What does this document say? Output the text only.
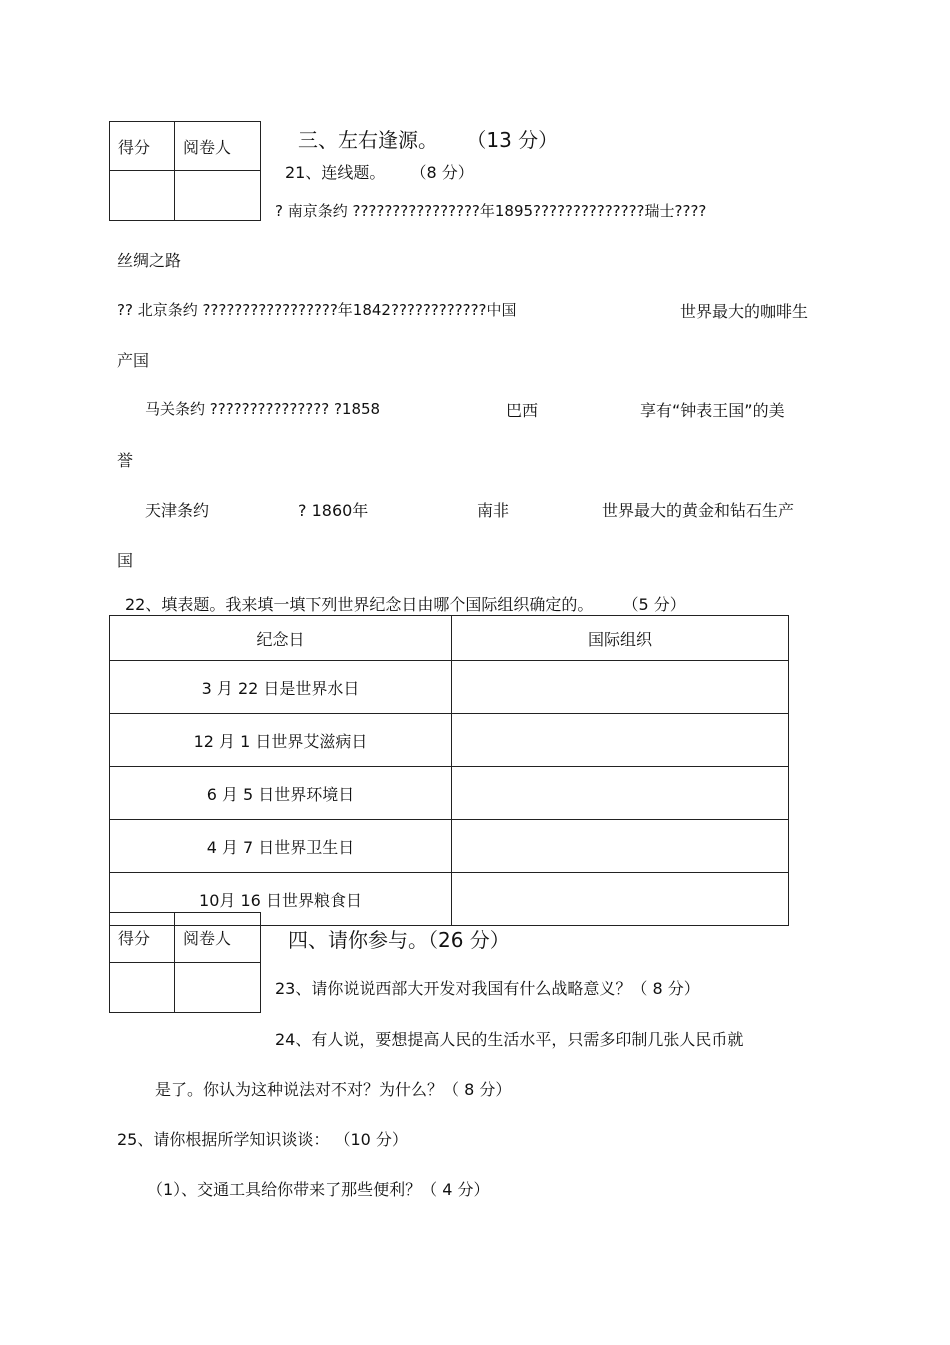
得分	阅卷人
		三、左右逢源。 （13 分）
21、连线题。 （8 分）
? 南京条约 ????????????????年1895??????????????瑞士????
丝绸之路
?? 北京条约 ?????????????????年1842????????????中国	世界最大的咖啡生
产国
马关条约 ??????????????? ?1858	巴西	享有“钟表王国”的美
誉
天津条约	? 1860年	南非	世界最大的黄金和钻石生产
国
22、填表题。我来填一填下列世界纪念日由哪个国际组织确定的。 （5 分）
纪念日	国际组织
3 月 22 日是世界水日	
12 月 1 日世界艾滋病日	
6 月 5 日世界环境日	
4 月 7 日世界卫生日	
10月 16 日世界粮食日	
得分	阅卷人
		四、请你参与。（26 分）
23、请你说说西部大开发对我国有什么战略意义？（ 8 分）
24、有人说，要想提高人民的生活水平，只需多印制几张人民币就
是了。你认为这种说法对不对？为什么？（ 8 分）
25、请你根据所学知识谈谈： （10 分）
（1）、交通工具给你带来了那些便利？（ 4 分）
